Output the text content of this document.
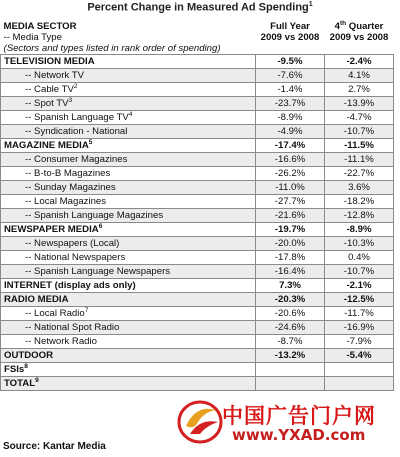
Percent Change in Measured Ad Spending$^1$
MEDIA SECTOR	Full Year	4th Quarter
-- Media Type	2009 vs 2008	2009 vs 2008
(Sectors and types listed in rank order of spending)		
TELEVISION MEDIA	-9.5%	-2.4%
-- Network TV	-7.6%	4.1%
-- Cable $TV^2$	-1.4%	2.7%
-- Spot $TV^3$	-23.7%	-13.9%
-- Spanish Language $TV^4$	-8.9%	-4.7%
-- Syndication - National	-4.9%	-10.7%
MAGAZINE MEDIA$^5$	-17.4%	-11.5%
-- Consumer Magazines	-16.6%	-11.1%
-- B-to-B Magazines	-26.2%	-22.7%
-- Sunday Magazines	-11.0%	3.6%
-- Local Magazines	-27.7%	-18.2%
-- Spanish Language Magazines	-21.6%	-12.8%
NEWSPAPER MEDIA$^6$	-19.7%	-8.9%
-- Newspapers (Local)	-20.0%	-10.3%
-- National Newspapers	-17.8%	0.4%
-- Spanish Language Newspapers	-16.4%	-10.7%
INTERNET (display ads only)	7.3%	-2.1%
RADIO MEDIA	-20.3%	-12.5%
-- Local Radio$^7$	-20.6%	-11.7%
-- National Spot Radio	-24.6%	-16.9%
-- Network Radio	-8.7%	-7.9%
OUTDOOR	-13.2%	-5.4%
FSIs$^8$		
TOTAL$^9$		
Source: Kantar Media
中国广告门户网
www.YXAD.com
